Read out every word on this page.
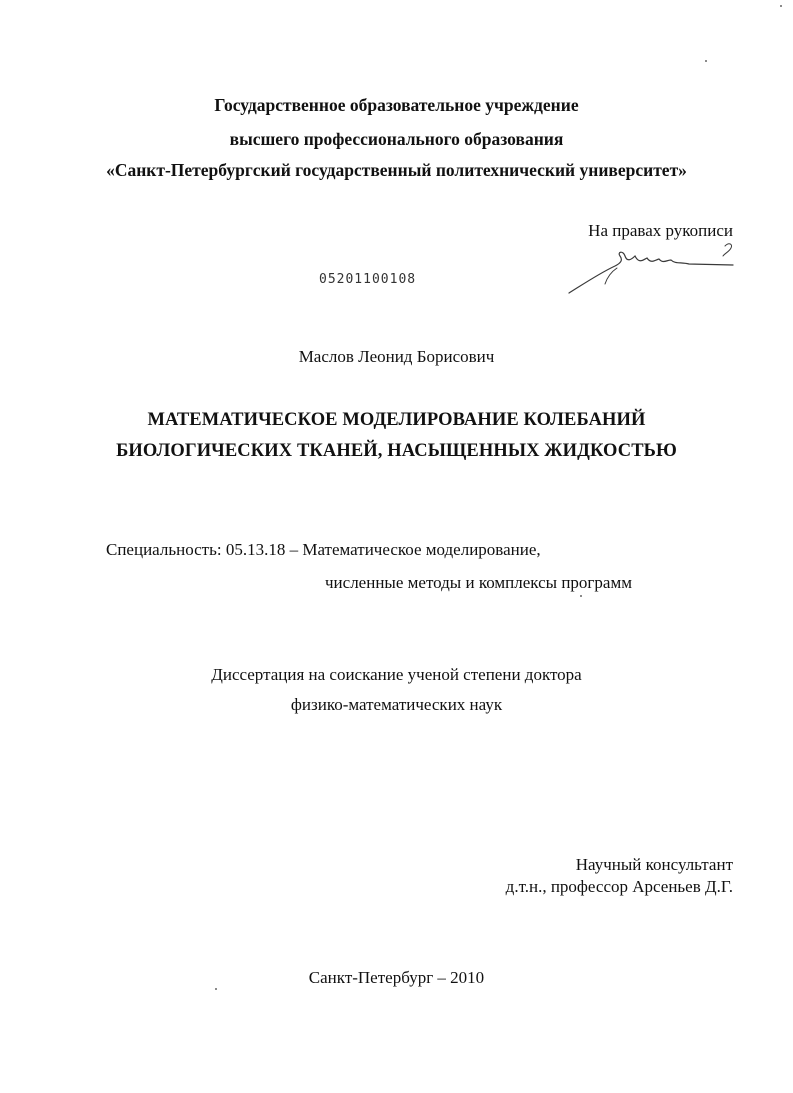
Государственное образовательное учреждение
высшего профессионального образования
«Санкт-Петербургский государственный политехнический университет»
На правах рукописи
05201100108
Маслов Леонид Борисович
МАТЕМАТИЧЕСКОЕ МОДЕЛИРОВАНИЕ КОЛЕБАНИЙ
БИОЛОГИЧЕСКИХ ТКАНЕЙ, НАСЫЩЕННЫХ ЖИДКОСТЬЮ
Специальность: 05.13.18 – Математическое моделирование,
численные методы и комплексы программ
Диссертация на соискание ученой степени доктора
физико-математических наук
Научный консультант
д.т.н., профессор Арсеньев Д.Г.
Санкт-Петербург – 2010
